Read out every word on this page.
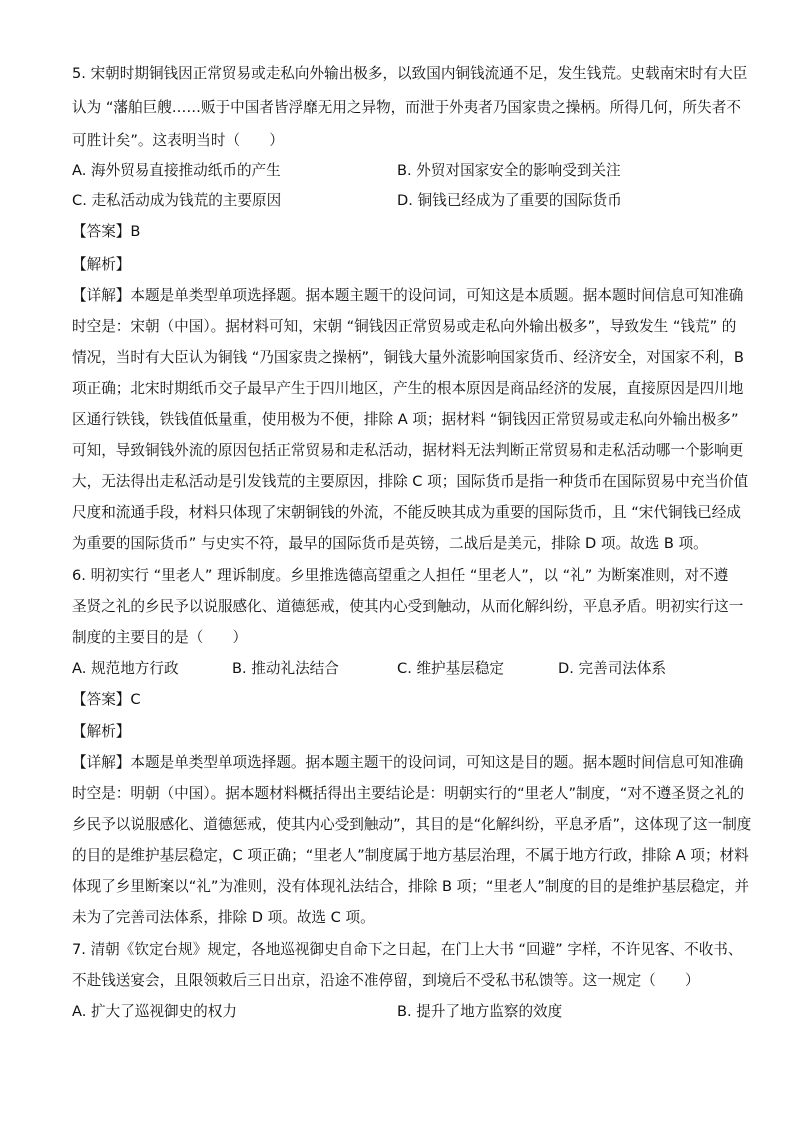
5. 宋朝时期铜钱因正常贸易或走私向外输出极多，以致国内铜钱流通不足，发生钱荒。史载南宋时有大臣
认为 “藩舶巨艘……贩于中国者皆浮靡无用之异物，而泄于外夷者乃国家贵之操柄。所得几何，所失者不
可胜计矣”。这表明当时（　　）
A. 海外贸易直接推动纸币的产生	B. 外贸对国家安全的影响受到关注
C. 走私活动成为钱荒的主要原因	D. 铜钱已经成为了重要的国际货币
【答案】B
【解析】
【详解】本题是单类型单项选择题。据本题主题干的设问词，可知这是本质题。据本题时间信息可知准确
时空是：宋朝（中国）。据材料可知，宋朝 “铜钱因正常贸易或走私向外输出极多”，导致发生 “钱荒” 的
情况，当时有大臣认为铜钱 “乃国家贵之操柄”，铜钱大量外流影响国家货币、经济安全，对国家不利，B
项正确；北宋时期纸币交子最早产生于四川地区，产生的根本原因是商品经济的发展，直接原因是四川地
区通行铁钱，铁钱值低量重，使用极为不便，排除 A 项；据材料 “铜钱因正常贸易或走私向外输出极多”
可知，导致铜钱外流的原因包括正常贸易和走私活动，据材料无法判断正常贸易和走私活动哪一个影响更
大，无法得出走私活动是引发钱荒的主要原因，排除 C 项；国际货币是指一种货币在国际贸易中充当价值
尺度和流通手段，材料只体现了宋朝铜钱的外流，不能反映其成为重要的国际货币，且 “宋代铜钱已经成
为重要的国际货币” 与史实不符，最早的国际货币是英镑，二战后是美元，排除 D 项。故选 B 项。
6. 明初实行 “里老人” 理诉制度。乡里推选德高望重之人担任 “里老人”，以 “礼” 为断案准则，对不遵
圣贤之礼的乡民予以说服感化、道德惩戒，使其内心受到触动，从而化解纠纷，平息矛盾。明初实行这一
制度的主要目的是（　　）
A. 规范地方行政	B. 推动礼法结合	C. 维护基层稳定	D. 完善司法体系
【答案】C
【解析】
【详解】本题是单类型单项选择题。据本题主题干的设问词，可知这是目的题。据本题时间信息可知准确
时空是：明朝（中国）。据本题材料概括得出主要结论是：明朝实行的“里老人”制度，“对不遵圣贤之礼的
乡民予以说服感化、道德惩戒，使其内心受到触动”，其目的是“化解纠纷，平息矛盾”，这体现了这一制度
的目的是维护基层稳定，C 项正确；“里老人”制度属于地方基层治理，不属于地方行政，排除 A 项；材料
体现了乡里断案以“礼”为准则，没有体现礼法结合，排除 B 项；“里老人”制度的目的是维护基层稳定，并
未为了完善司法体系，排除 D 项。故选 C 项。
7. 清朝《钦定台规》规定，各地巡视御史自命下之日起，在门上大书 “回避” 字样，不许见客、不收书、
不赴钱送宴会，且限领敕后三日出京，沿途不准停留，到境后不受私书私馈等。这一规定（　　）
A. 扩大了巡视御史的权力	B. 提升了地方监察的效度
